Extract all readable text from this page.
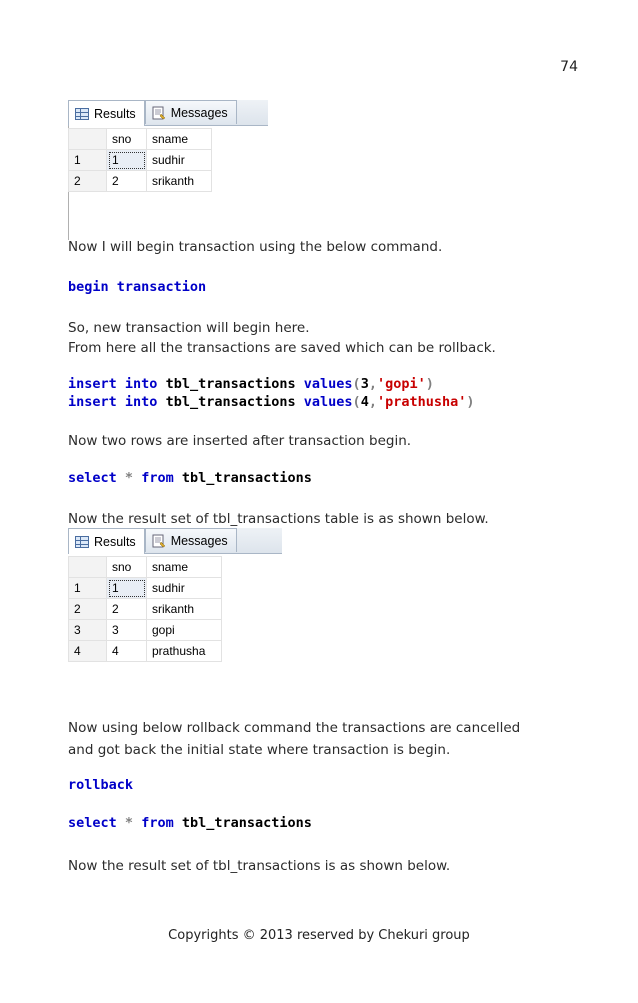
74
Results	Messages
	sno	sname
1	1	sudhir
2	2	srikanth
Now I will begin transaction using the below command.
begin transaction
So, new transaction will begin here.
From here all the transactions are saved which can be rollback.
insert into tbl_transactions values(3,'gopi')
insert into tbl_transactions values(4,'prathusha')
Now two rows are inserted after transaction begin.
select * from tbl_transactions
Now the result set of tbl_transactions table is as shown below.
Results	Messages
	sno	sname
1	1	sudhir
2	2	srikanth
3	3	gopi
4	4	prathusha
Now using below rollback command the transactions are cancelled
and got back the initial state where transaction is begin.
rollback
select * from tbl_transactions
Now the result set of tbl_transactions is as shown below.
Copyrights © 2013 reserved by Chekuri group
